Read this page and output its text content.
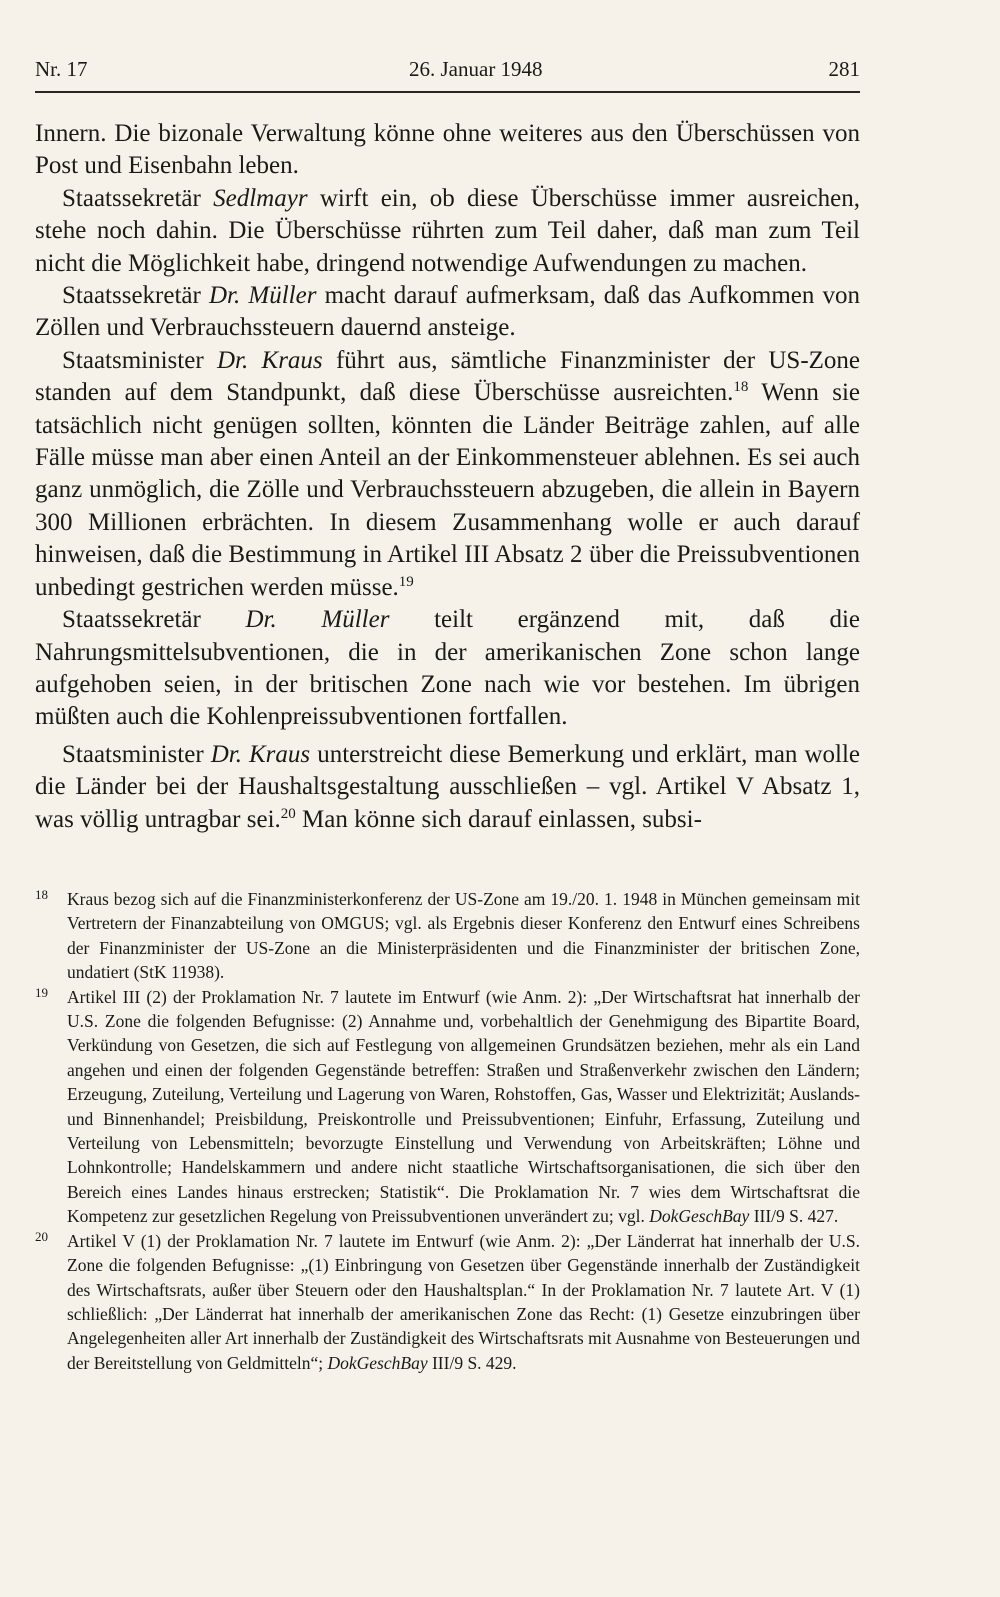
Nr. 17	26. Januar 1948	281

Innern. Die bizonale Verwaltung könne ohne weiteres aus den Überschüssen von Post und Eisenbahn leben.

Staatssekretär Sedlmayr wirft ein, ob diese Überschüsse immer ausreichen, stehe noch dahin. Die Überschüsse rührten zum Teil daher, daß man zum Teil nicht die Möglichkeit habe, dringend notwendige Aufwendungen zu machen.

Staatssekretär Dr. Müller macht darauf aufmerksam, daß das Aufkommen von Zöllen und Verbrauchssteuern dauernd ansteige.

Staatsminister Dr. Kraus führt aus, sämtliche Finanzminister der US-Zone standen auf dem Standpunkt, daß diese Überschüsse ausreichten.$^{18}$ Wenn sie tatsächlich nicht genügen sollten, könnten die Länder Beiträge zahlen, auf alle Fälle müsse man aber einen Anteil an der Einkommensteuer ablehnen. Es sei auch ganz unmöglich, die Zölle und Verbrauchssteuern abzugeben, die allein in Bayern 300 Millionen erbrächten. In diesem Zusammenhang wolle er auch darauf hinweisen, daß die Bestimmung in Artikel III Absatz 2 über die Preissubventionen unbedingt gestrichen werden müsse.$^{19}$

Staatssekretär Dr. Müller teilt ergänzend mit, daß die Nahrungsmittelsubventionen, die in der amerikanischen Zone schon lange aufgehoben seien, in der britischen Zone nach wie vor bestehen. Im übrigen müßten auch die Kohlenpreissubventionen fortfallen.

Staatsminister Dr. Kraus unterstreicht diese Bemerkung und erklärt, man wolle die Länder bei der Haushaltsgestaltung ausschließen – vgl. Artikel V Absatz 1, was völlig untragbar sei.$^{20}$ Man könne sich darauf einlassen, subsi-

18 Kraus bezog sich auf die Finanzministerkonferenz der US-Zone am 19./20. 1. 1948 in München gemeinsam mit Vertretern der Finanzabteilung von OMGUS; vgl. als Ergebnis dieser Konferenz den Entwurf eines Schreibens der Finanzminister der US-Zone an die Ministerpräsidenten und die Finanzminister der britischen Zone, undatiert (StK 11938).

19 Artikel III (2) der Proklamation Nr. 7 lautete im Entwurf (wie Anm. 2): „Der Wirtschaftsrat hat innerhalb der U.S. Zone die folgenden Befugnisse: (2) Annahme und, vorbehaltlich der Genehmigung des Bipartite Board, Verkündung von Gesetzen, die sich auf Festlegung von allgemeinen Grundsätzen beziehen, mehr als ein Land angehen und einen der folgenden Gegenstände betreffen: Straßen und Straßenverkehr zwischen den Ländern; Erzeugung, Zuteilung, Verteilung und Lagerung von Waren, Rohstoffen, Gas, Wasser und Elektrizität; Auslands- und Binnenhandel; Preisbildung, Preiskontrolle und Preissubventionen; Einfuhr, Erfassung, Zuteilung und Verteilung von Lebensmitteln; bevorzugte Einstellung und Verwendung von Arbeitskräften; Löhne und Lohnkontrolle; Handelskammern und andere nicht staatliche Wirtschaftsorganisationen, die sich über den Bereich eines Landes hinaus erstrecken; Statistik“. Die Proklamation Nr. 7 wies dem Wirtschaftsrat die Kompetenz zur gesetzlichen Regelung von Preissubventionen unverändert zu; vgl. DokGeschBay III/9 S. 427.

20 Artikel V (1) der Proklamation Nr. 7 lautete im Entwurf (wie Anm. 2): „Der Länderrat hat innerhalb der U.S. Zone die folgenden Befugnisse: „(1) Einbringung von Gesetzen über Gegenstände innerhalb der Zuständigkeit des Wirtschaftsrats, außer über Steuern oder den Haushaltsplan.“ In der Proklamation Nr. 7 lautete Art. V (1) schließlich: „Der Länderrat hat innerhalb der amerikanischen Zone das Recht: (1) Gesetze einzubringen über Angelegenheiten aller Art innerhalb der Zuständigkeit des Wirtschaftsrats mit Ausnahme von Besteuerungen und der Bereitstellung von Geldmitteln“; DokGeschBay III/9 S. 429.
